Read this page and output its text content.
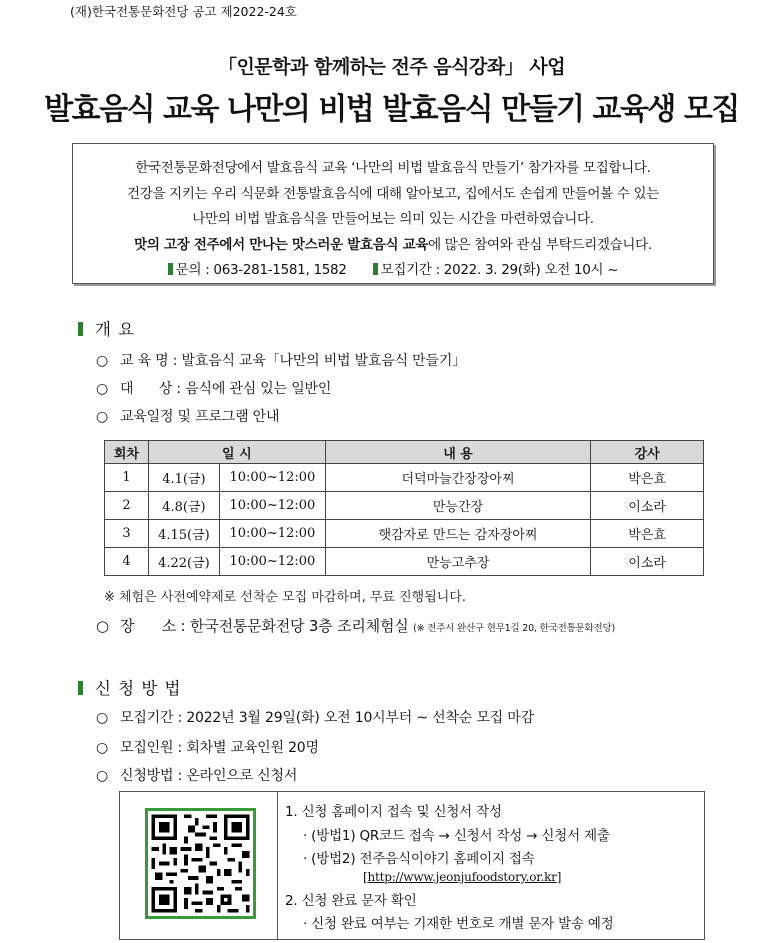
(재)한국전통문화전당 공고 제2022-24호
「인문학과 함께하는 전주 음식강좌」 사업
발효음식 교육 나만의 비법 발효음식 만들기 교육생 모집
한국전통문화전당에서 발효음식 교육 ‘나만의 비법 발효음식 만들기’ 참가자를 모집합니다.
건강을 지키는 우리 식문화 전통발효음식에 대해 알아보고, 집에서도 손쉽게 만들어볼 수 있는
나만의 비법 발효음식을 만들어보는 의미 있는 시간을 마련하였습니다.
맛의 고장 전주에서 만나는 맛스러운 발효음식 교육에 많은 참여와 관심 부탁드리겠습니다.
문의 : 063-281-1581, 1582	모집기간 : 2022. 3. 29(화) 오전 10시 ~
개 요
○ 교 육 명 : 발효음식 교육「나만의 비법 발효음식 만들기」
○ 대      상 : 음식에 관심 있는 일반인
○ 교육일정 및 프로그램 안내
회차	일 시		내 용	강사
1	4.1(금)	10:00~12:00	더덕마늘간장장아찌	박은효
2	4.8(금)	10:00~12:00	만능간장	이소라
3	4.15(금)	10:00~12:00	햇감자로 만드는 감자장아찌	박은효
4	4.22(금)	10:00~12:00	만능고추장	이소라
※ 체험은 사전예약제로 선착순 모집 마감하며, 무료 진행됩니다.
○ 장      소 : 한국전통문화전당 3층 조리체험실 (※ 전주시 완산구 현무1길 20, 한국전통문화전당)
신 청 방 법
○ 모집기간 : 2022년 3월 29일(화) 오전 10시부터 ~ 선착순 모집 마감
○ 모집인원 : 회차별 교육인원 20명
○ 신청방법 : 온라인으로 신청서
1. 신청 홈페이지 접속 및 신청서 작성
· (방법1) QR코드 접속 → 신청서 작성 → 신청서 제출
· (방법2) 전주음식이야기 홈페이지 접속
[http://www.jeonjufoodstory.or.kr]
2. 신청 완료 문자 확인
· 신청 완료 여부는 기재한 번호로 개별 문자 발송 예정
